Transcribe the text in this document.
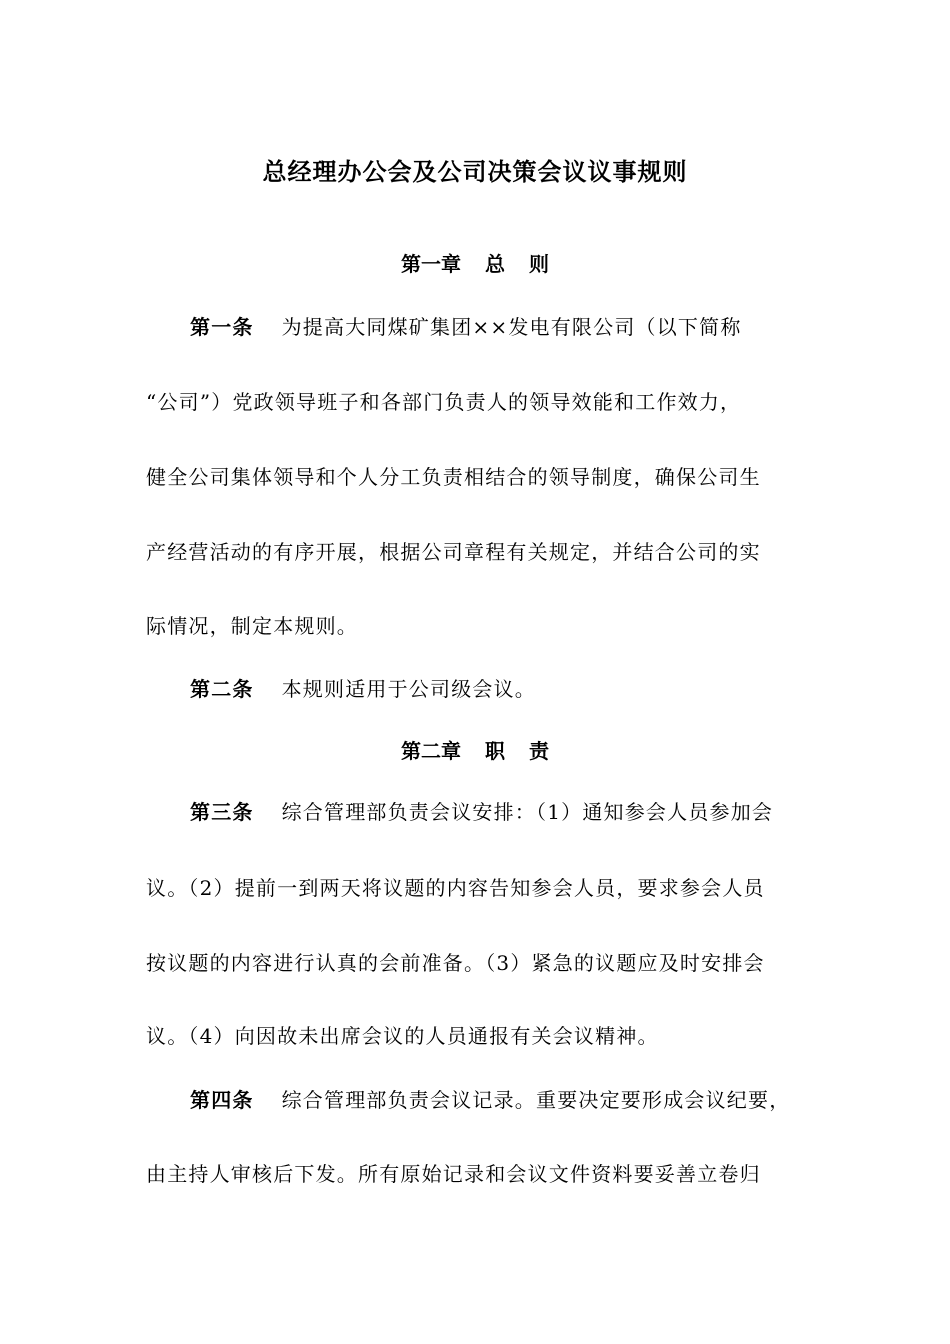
总经理办公会及公司决策会议议事规则
第一章 总 则
第一条 为提高大同煤矿集团××发电有限公司（以下简称
“公司”）党政领导班子和各部门负责人的领导效能和工作效力，
健全公司集体领导和个人分工负责相结合的领导制度，确保公司生
产经营活动的有序开展，根据公司章程有关规定，并结合公司的实
际情况，制定本规则。
第二条 本规则适用于公司级会议。
第二章 职 责
第三条 综合管理部负责会议安排：（1）通知参会人员参加会
议。（2）提前一到两天将议题的内容告知参会人员，要求参会人员
按议题的内容进行认真的会前准备。（3）紧急的议题应及时安排会
议。（4）向因故未出席会议的人员通报有关会议精神。
第四条 综合管理部负责会议记录。重要决定要形成会议纪要，
由主持人审核后下发。所有原始记录和会议文件资料要妥善立卷归
